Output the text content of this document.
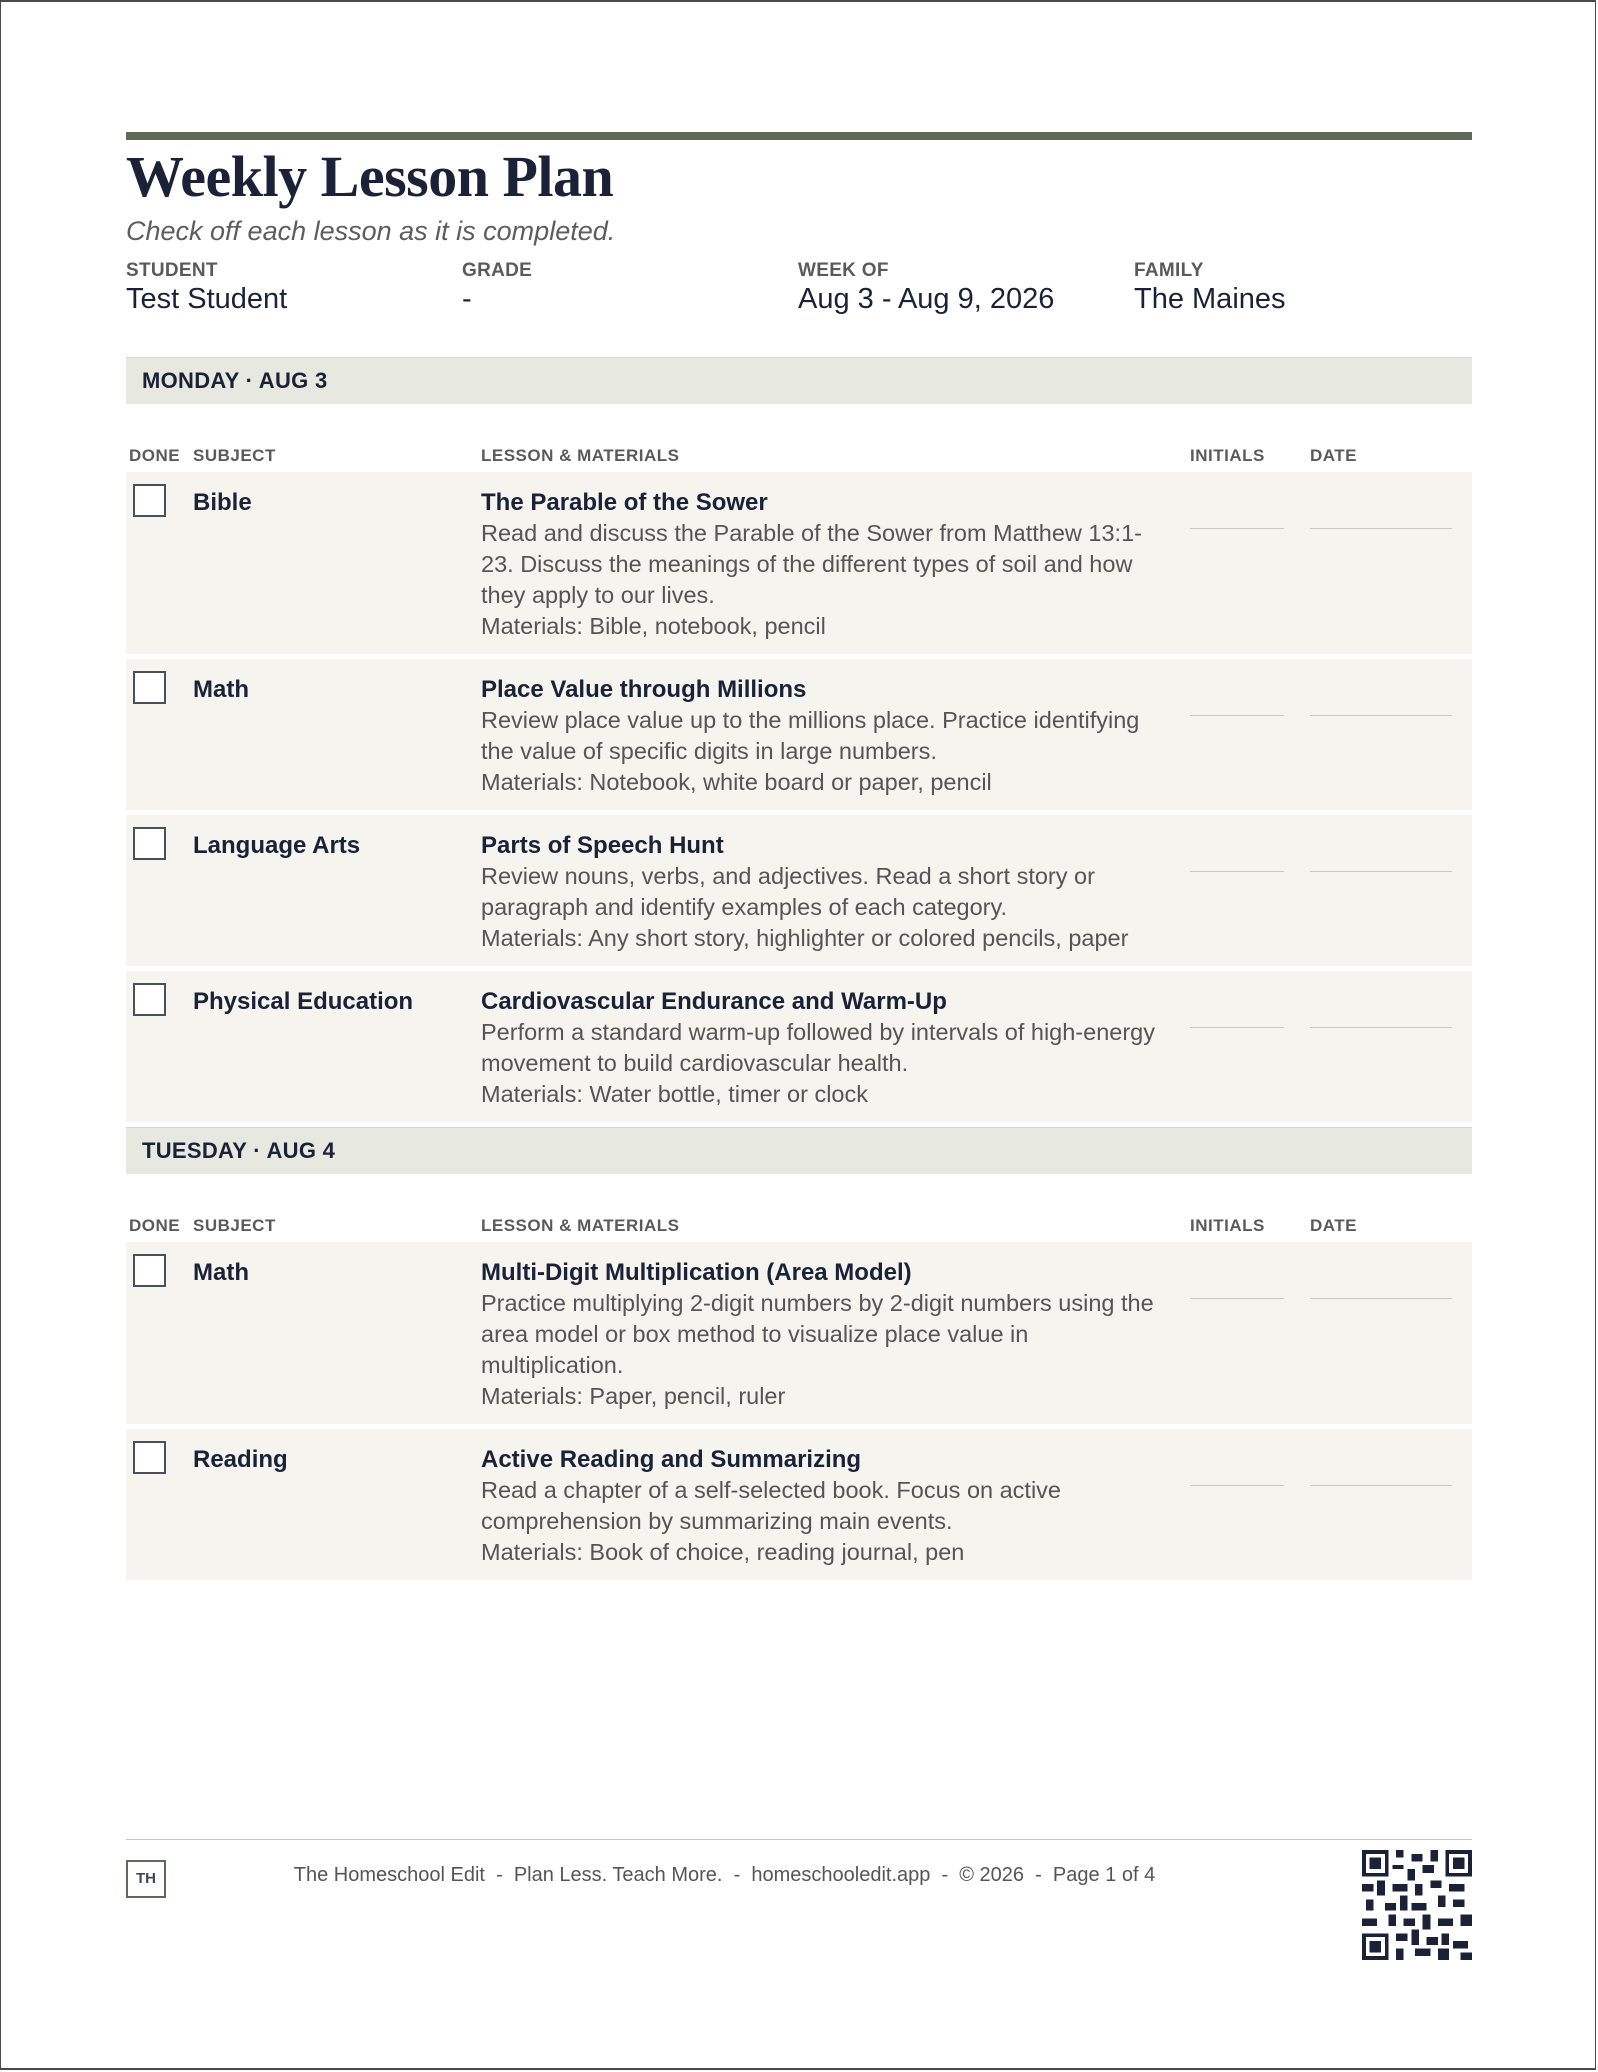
Weekly Lesson Plan
Check off each lesson as it is completed.
STUDENT
Test Student
GRADE
-
WEEK OF
Aug 3 - Aug 9, 2026
FAMILY
The Maines
MONDAY · AUG 3
DONE SUBJECT	LESSON & MATERIALS	INITIALS	DATE
Bible	The Parable of the Sower
Read and discuss the Parable of the Sower from Matthew 13:1-23. Discuss the meanings of the different types of soil and how they apply to our lives.
Materials: Bible, notebook, pencil
Math	Place Value through Millions
Review place value up to the millions place. Practice identifying the value of specific digits in large numbers.
Materials: Notebook, white board or paper, pencil
Language Arts	Parts of Speech Hunt
Review nouns, verbs, and adjectives. Read a short story or paragraph and identify examples of each category.
Materials: Any short story, highlighter or colored pencils, paper
Physical Education	Cardiovascular Endurance and Warm-Up
Perform a standard warm-up followed by intervals of high-energy movement to build cardiovascular health.
Materials: Water bottle, timer or clock
TUESDAY · AUG 4
DONE SUBJECT	LESSON & MATERIALS	INITIALS	DATE
Math	Multi-Digit Multiplication (Area Model)
Practice multiplying 2-digit numbers by 2-digit numbers using the area model or box method to visualize place value in multiplication.
Materials: Paper, pencil, ruler
Reading	Active Reading and Summarizing
Read a chapter of a self-selected book. Focus on active comprehension by summarizing main events.
Materials: Book of choice, reading journal, pen
TH	The Homeschool Edit  -  Plan Less. Teach More.  -  homeschooledit.app  -  © 2026  -  Page 1 of 4
